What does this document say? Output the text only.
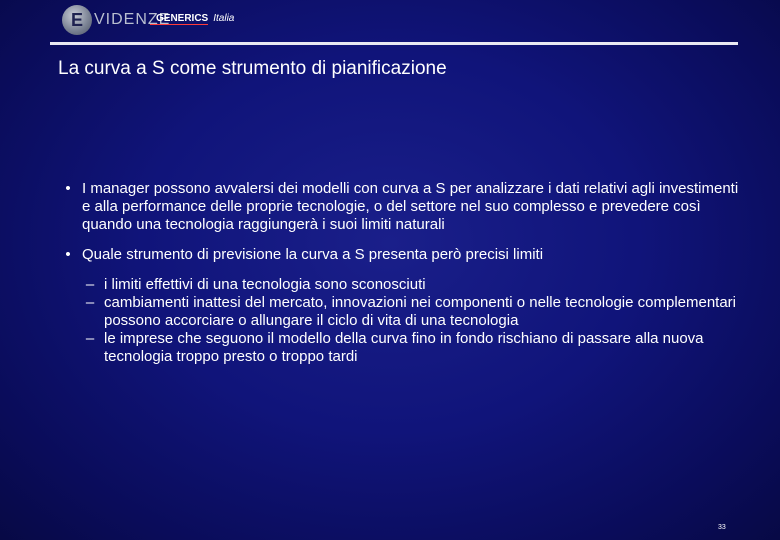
E VIDENZE
GENERICS Italia
La curva a S come strumento di pianificazione
• I manager possono avvalersi dei modelli con curva a S per analizzare i dati relativi agli investimenti e alla performance delle proprie tecnologie, o del settore nel suo complesso e prevedere così quando una tecnologia raggiungerà i suoi limiti naturali
• Quale strumento di previsione la curva a S presenta però precisi limiti
– i limiti effettivi di una tecnologia sono sconosciuti
– cambiamenti inattesi del mercato, innovazioni nei componenti o nelle tecnologie complementari possono accorciare o allungare il ciclo di vita di una tecnologia
– le imprese che seguono il modello della curva fino in fondo rischiano di passare alla nuova tecnologia troppo presto o troppo tardi
33
